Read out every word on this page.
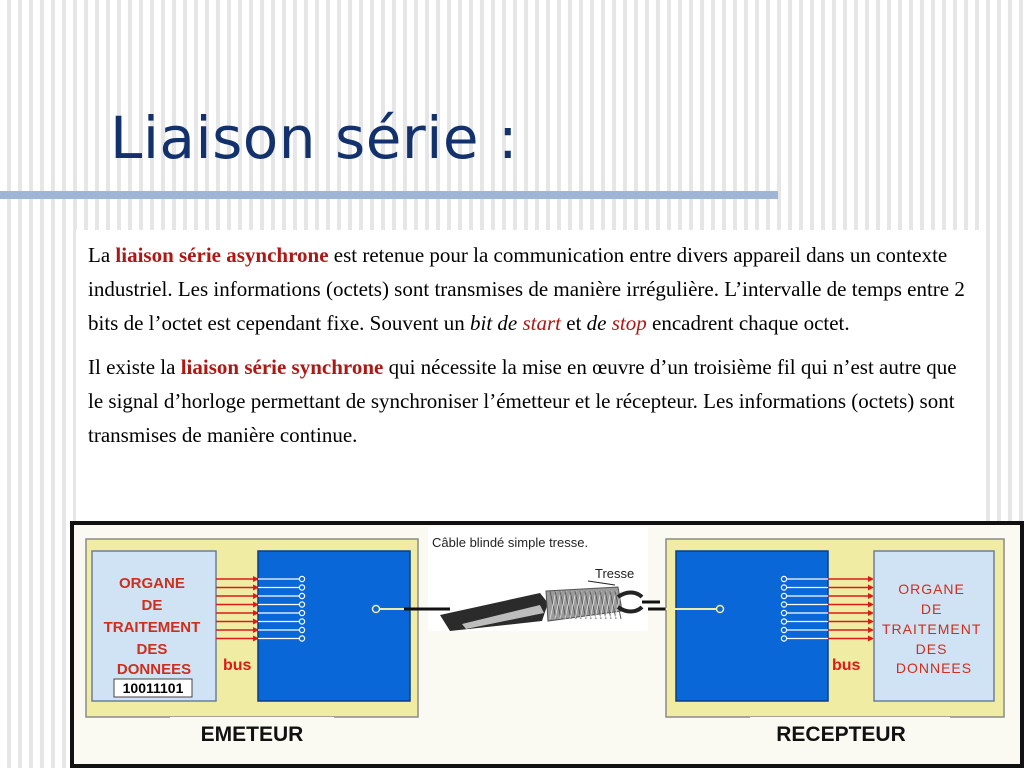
Liaison série :

La liaison série asynchrone est retenue pour la communication entre divers appareil dans un contexte industriel. Les informations (octets) sont transmises de manière irrégulière. L’intervalle de temps entre 2 bits de l’octet est cependant fixe. Souvent un bit de start et de stop encadrent chaque octet.

Il existe la liaison série synchrone qui nécessite la mise en œuvre d’un troisième fil qui n’est autre que le signal d’horloge permettant de synchroniser l’émetteur et le récepteur. Les informations (octets) sont transmises de manière continue.

ORGANE DE TRAITEMENT DES DONNEES
10011101
bus
EMETEUR
Câble blindé simple tresse.
Tresse
bus
ORGANE DE TRAITEMENT DES DONNEES
RECEPTEUR
